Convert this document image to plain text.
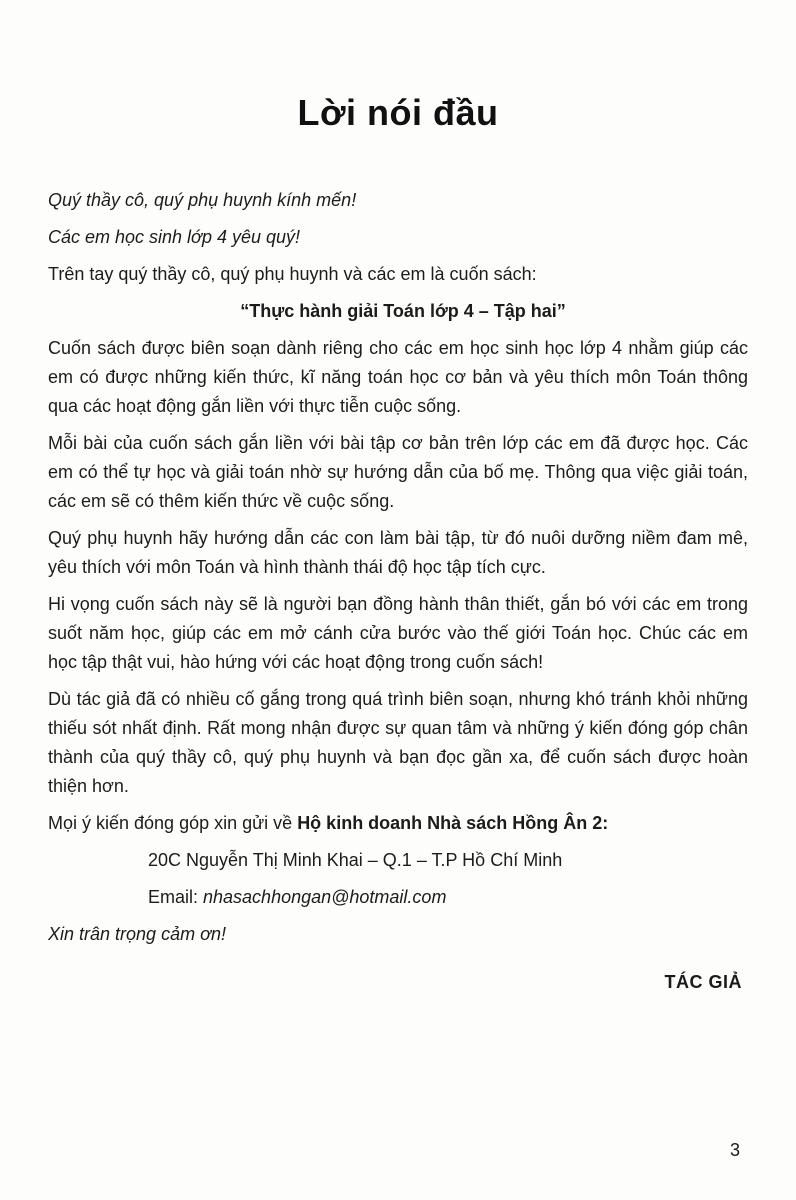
Lời nói đầu

Quý thầy cô, quý phụ huynh kính mến!

Các em học sinh lớp 4 yêu quý!

Trên tay quý thầy cô, quý phụ huynh và các em là cuốn sách:

“Thực hành giải Toán lớp 4 – Tập hai”

Cuốn sách được biên soạn dành riêng cho các em học sinh học lớp 4 nhằm giúp các em có được những kiến thức, kĩ năng toán học cơ bản và yêu thích môn Toán thông qua các hoạt động gắn liền với thực tiễn cuộc sống.

Mỗi bài của cuốn sách gắn liền với bài tập cơ bản trên lớp các em đã được học. Các em có thể tự học và giải toán nhờ sự hướng dẫn của bố mẹ. Thông qua việc giải toán, các em sẽ có thêm kiến thức về cuộc sống.

Quý phụ huynh hãy hướng dẫn các con làm bài tập, từ đó nuôi dưỡng niềm đam mê, yêu thích với môn Toán và hình thành thái độ học tập tích cực.

Hi vọng cuốn sách này sẽ là người bạn đồng hành thân thiết, gắn bó với các em trong suốt năm học, giúp các em mở cánh cửa bước vào thế giới Toán học. Chúc các em học tập thật vui, hào hứng với các hoạt động trong cuốn sách!

Dù tác giả đã có nhiều cố gắng trong quá trình biên soạn, nhưng khó tránh khỏi những thiếu sót nhất định. Rất mong nhận được sự quan tâm và những ý kiến đóng góp chân thành của quý thầy cô, quý phụ huynh và bạn đọc gần xa, để cuốn sách được hoàn thiện hơn.

Mọi ý kiến đóng góp xin gửi về Hộ kinh doanh Nhà sách Hồng Ân 2:

20C Nguyễn Thị Minh Khai – Q.1 – T.P Hồ Chí Minh

Email: nhasachhongan@hotmail.com

Xin trân trọng cảm ơn!

TÁC GIẢ
3
